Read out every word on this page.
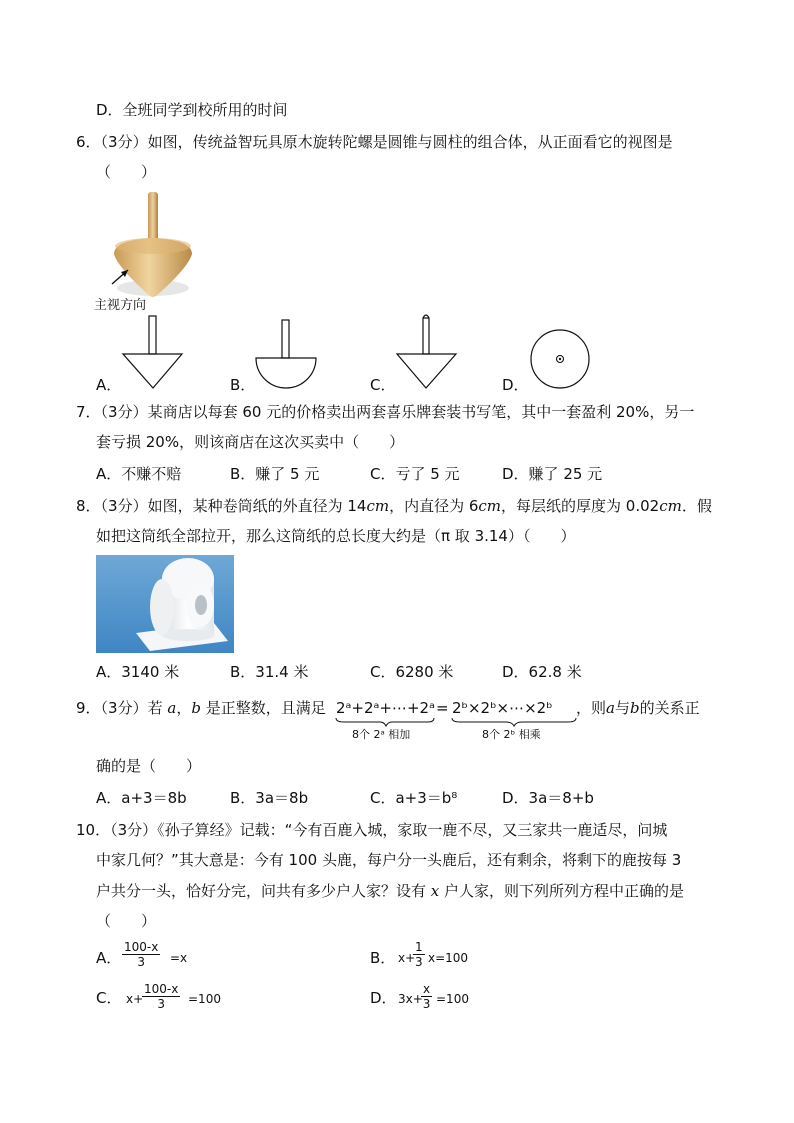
D．全班同学到校所用的时间
6．（3分）如图，传统益智玩具原木旋转陀螺是圆锥与圆柱的组合体，从正面看它的视图是
（　　）
主视方向
A．	B．	C．	D．
7．（3分）某商店以每套 60 元的价格卖出两套喜乐牌套装书写笔，其中一套盈利 20%，另一
套亏损 20%，则该商店在这次买卖中（　　）
A．不赚不赔	B．赚了 5 元	C．亏了 5 元	D．赚了 25 元
8．（3分）如图，某种卷筒纸的外直径为 14cm，内直径为 6cm，每层纸的厚度为 0.02cm．假
如把这筒纸全部拉开，那么这筒纸的总长度大约是（π 取 3.14）（　　）
A．3140 米	B．31.4 米	C．6280 米	D．62.8 米
9．（3分）若 a，b 是正整数，且满足 2ᵃ+2ᵃ+⋯+2ᵃ = 2ᵇ×2ᵇ×⋯×2ᵇ ，则a与b的关系正
8个 2ᵃ 相加	8个 2ᵇ 相乘
确的是（　　）
A．a+3＝8b	B．3a＝8b	C．a+3＝b⁸	D．3a＝8+b
10．（3分）《孙子算经》记载：“今有百鹿入城，家取一鹿不尽，又三家共一鹿适尽，问城
中家几何？”其大意是：今有 100 头鹿，每户分一头鹿后，还有剩余，将剩下的鹿按每 3
户共分一头，恰好分完，问共有多少户人家？设有 x 户人家，则下列所列方程中正确的是
（　　）
A． $\frac{100-x}{3} =x$	B． x+
$\frac{1}{3} x=100$
C． x+
$\frac{100-x}{3} =100$	D． 3x+
$\frac{x}{3} =100$
